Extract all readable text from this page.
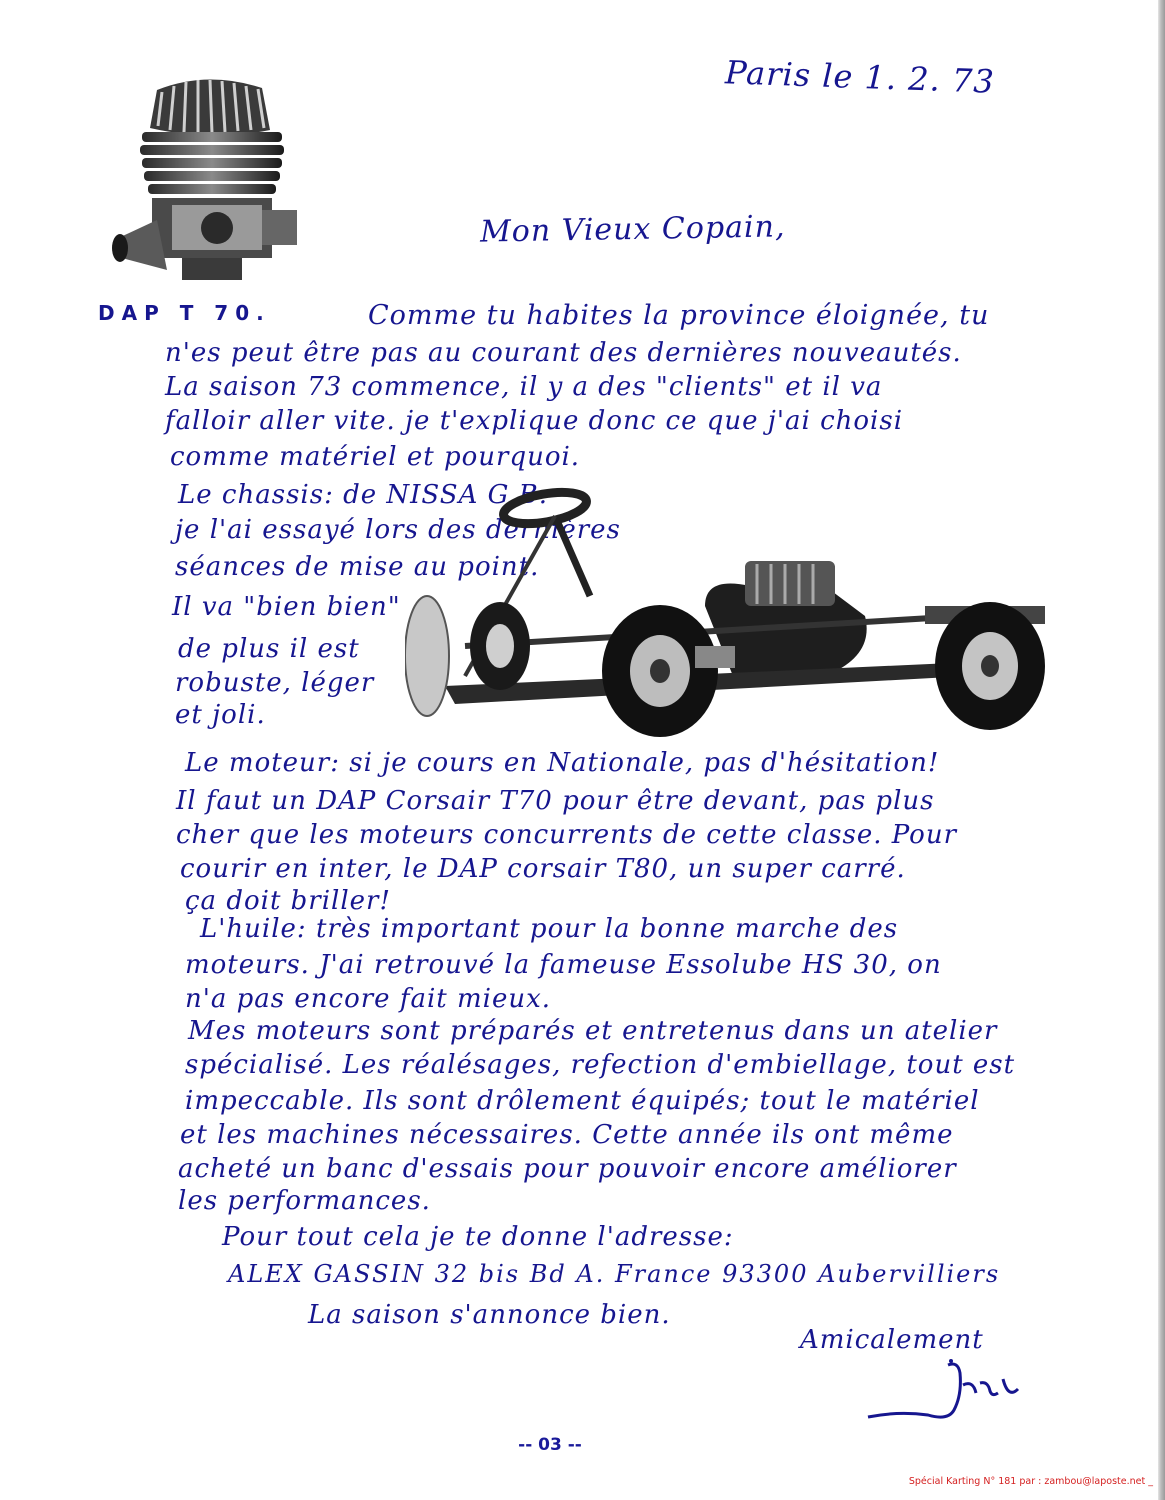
Paris le 1. 2. 73
Mon Vieux Copain,
DAP T 70.	Comme tu habites la province éloignée, tu
n'es peut être pas au courant des dernières nouveautés.
La saison 73 commence, il y a des "clients" et il va
falloir aller vite. je t'explique donc ce que j'ai choisi
comme matériel et pourquoi.
Le chassis: de NISSA G B.
je l'ai essayé lors des dernières
séances de mise au point.
Il va "bien bien"
de plus il est
robuste, léger
et joli.
Le moteur: si je cours en Nationale, pas d'hésitation!
Il faut un DAP Corsair T70 pour être devant, pas plus
cher que les moteurs concurrents de cette classe. Pour
courir en inter, le DAP corsair T80, un super carré.
ça doit briller!
L'huile: très important pour la bonne marche des
moteurs. J'ai retrouvé la fameuse Essolube HS 30, on
n'a pas encore fait mieux.
Mes moteurs sont préparés et entretenus dans un atelier
spécialisé. Les réalésages, refection d'embiellage, tout est
impeccable. Ils sont drôlement équipés; tout le matériel
et les machines nécessaires. Cette année ils ont même
acheté un banc d'essais pour pouvoir encore améliorer
les performances.
Pour tout cela je te donne l'adresse:
ALEX GASSIN 32 bis Bd A. France 93300 Aubervilliers
La saison s'annonce bien.
Amicalement
-- 03 --
Spécial Karting N° 181 par : zambou@laposte.net _
